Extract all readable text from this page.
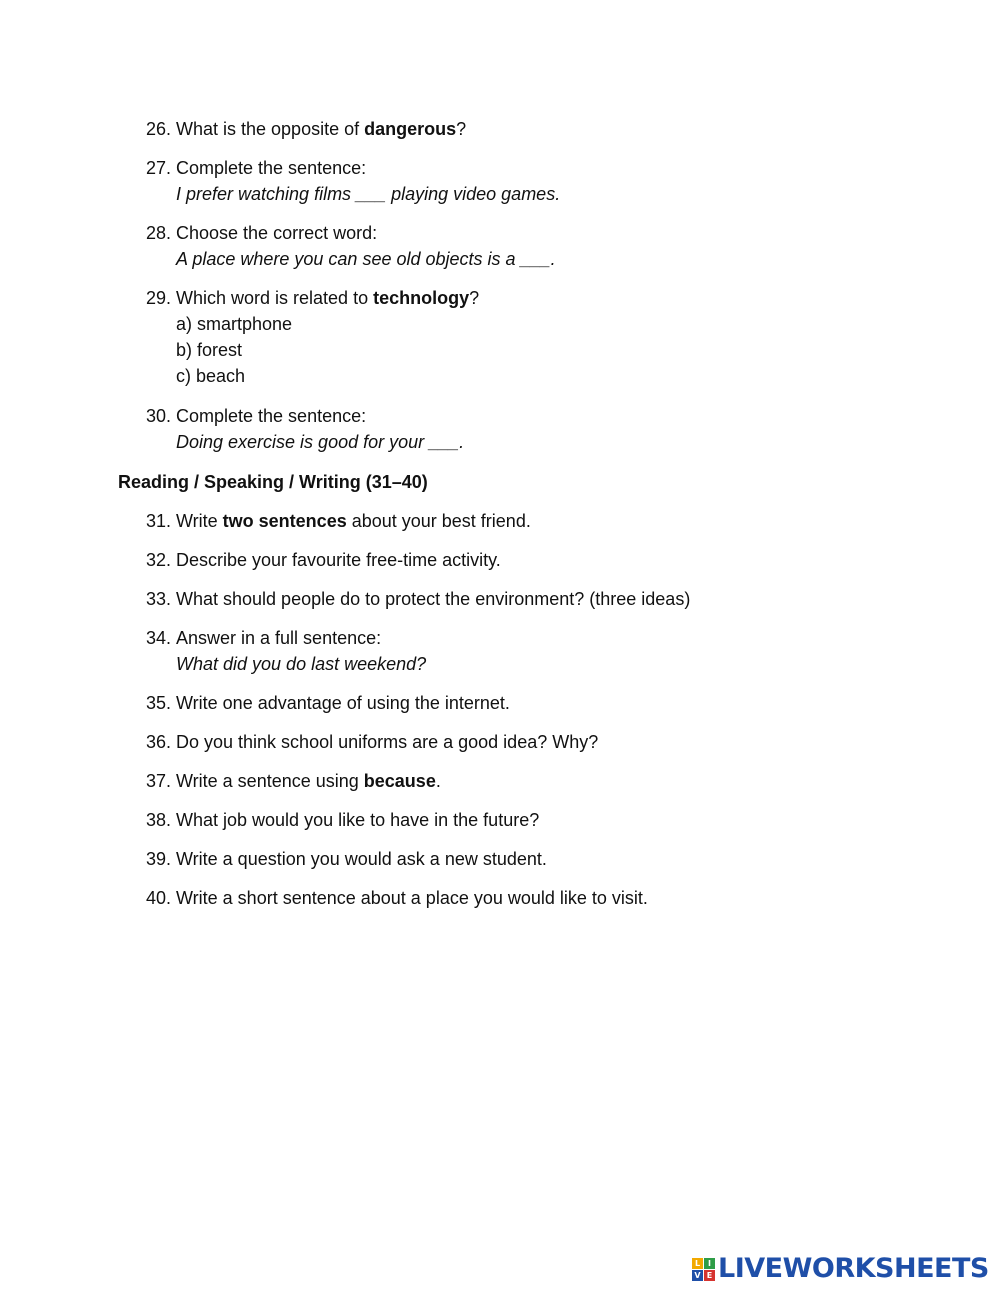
26. What is the opposite of dangerous?
27. Complete the sentence:
I prefer watching films ___ playing video games.
28. Choose the correct word:
A place where you can see old objects is a ___.
29. Which word is related to technology?
a) smartphone
b) forest
c) beach
30. Complete the sentence:
Doing exercise is good for your ___.
Reading / Speaking / Writing (31–40)
31. Write two sentences about your best friend.
32. Describe your favourite free-time activity.
33. What should people do to protect the environment? (three ideas)
34. Answer in a full sentence:
What did you do last weekend?
35. Write one advantage of using the internet.
36. Do you think school uniforms are a good idea? Why?
37. Write a sentence using because.
38. What job would you like to have in the future?
39. Write a question you would ask a new student.
40. Write a short sentence about a place you would like to visit.
L I
V E LIVEWORKSHEETS
